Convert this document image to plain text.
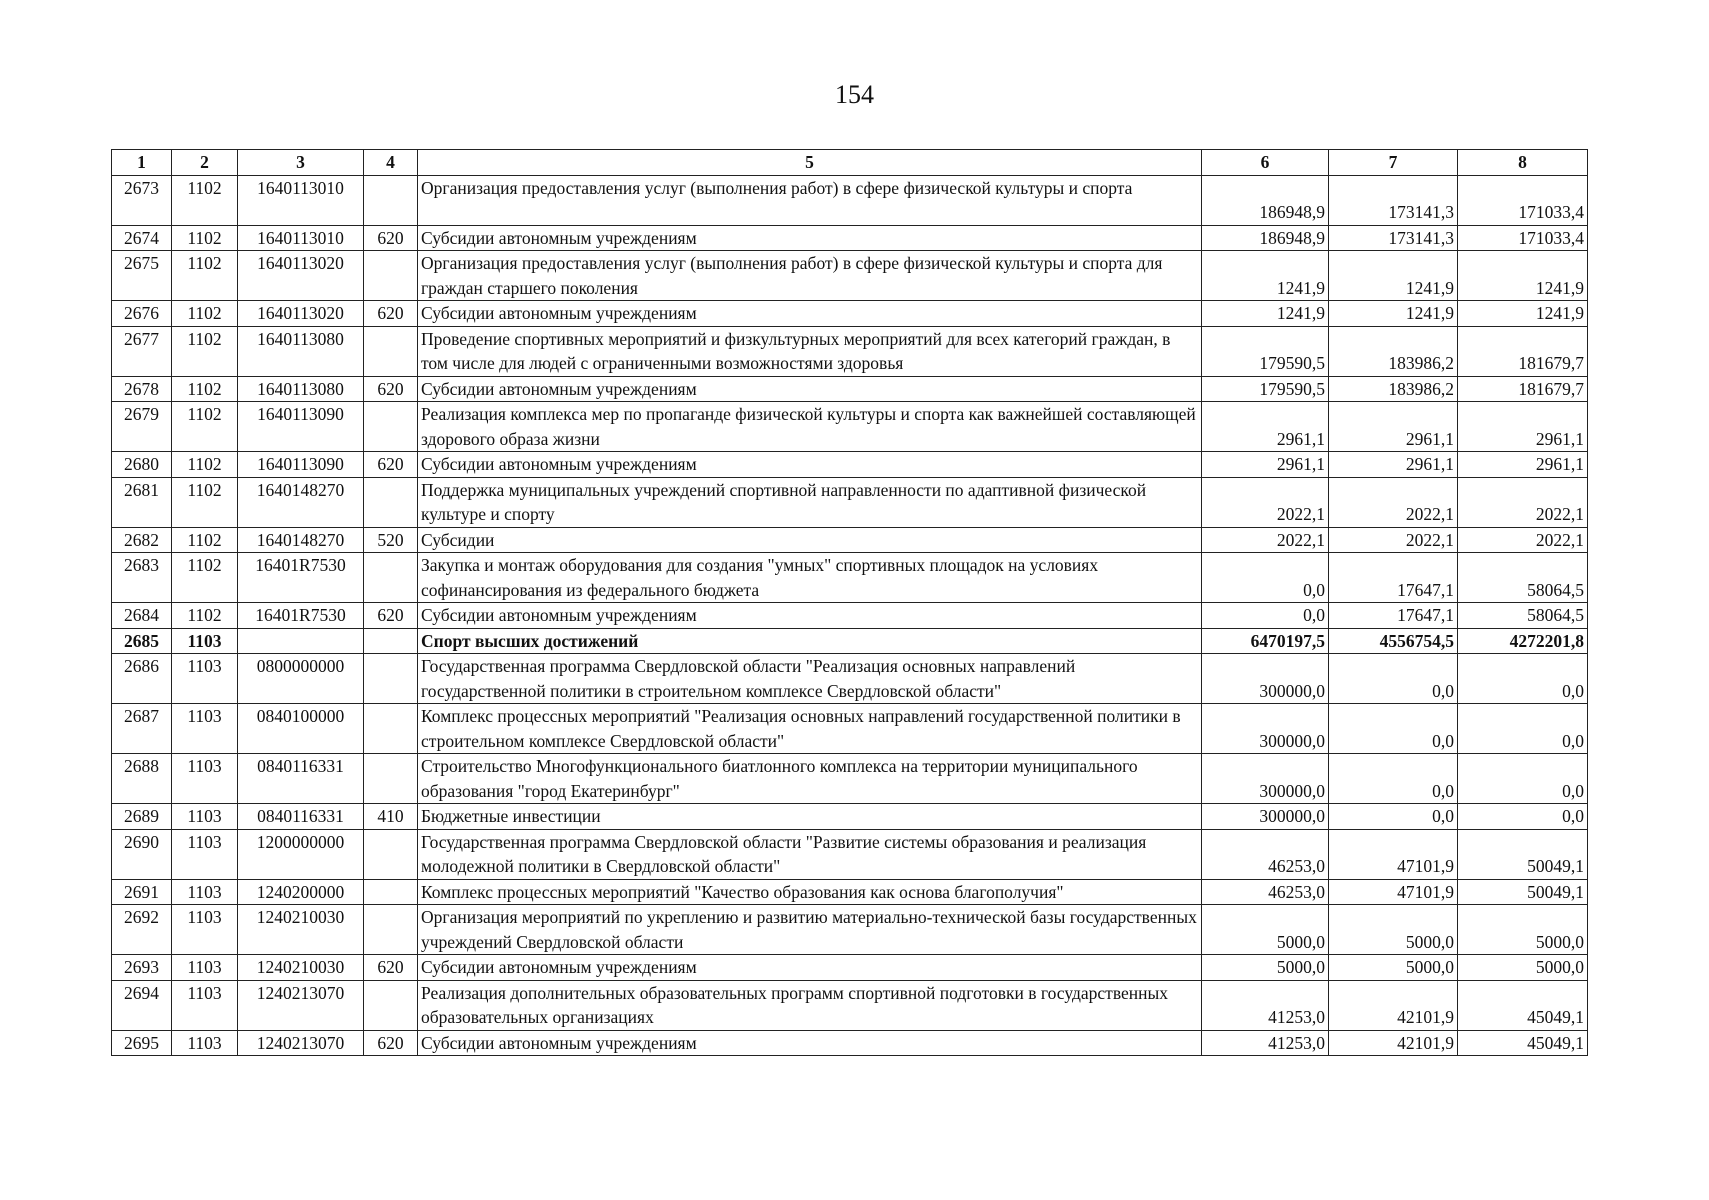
154
1	2	3	4	5	6	7	8
2673	1102	1640113010		Организация предоставления услуг (выполнения работ) в сфере физической культуры и спорта	186948,9	173141,3	171033,4
2674	1102	1640113010	620	Субсидии автономным учреждениям	186948,9	173141,3	171033,4
2675	1102	1640113020		Организация предоставления услуг (выполнения работ) в сфере физической культуры и спорта для граждан старшего поколения	1241,9	1241,9	1241,9
2676	1102	1640113020	620	Субсидии автономным учреждениям	1241,9	1241,9	1241,9
2677	1102	1640113080		Проведение спортивных мероприятий и физкультурных мероприятий для всех категорий граждан, в том числе для людей с ограниченными возможностями здоровья	179590,5	183986,2	181679,7
2678	1102	1640113080	620	Субсидии автономным учреждениям	179590,5	183986,2	181679,7
2679	1102	1640113090		Реализация комплекса мер по пропаганде физической культуры и спорта как важнейшей составляющей здорового образа жизни	2961,1	2961,1	2961,1
2680	1102	1640113090	620	Субсидии автономным учреждениям	2961,1	2961,1	2961,1
2681	1102	1640148270		Поддержка муниципальных учреждений спортивной направленности по адаптивной физической культуре и спорту	2022,1	2022,1	2022,1
2682	1102	1640148270	520	Субсидии	2022,1	2022,1	2022,1
2683	1102	16401R7530		Закупка и монтаж оборудования для создания "умных" спортивных площадок на условиях софинансирования из федерального бюджета	0,0	17647,1	58064,5
2684	1102	16401R7530	620	Субсидии автономным учреждениям	0,0	17647,1	58064,5
2685	1103			Спорт высших достижений	6470197,5	4556754,5	4272201,8
2686	1103	0800000000		Государственная программа Свердловской области "Реализация основных направлений государственной политики в строительном комплексе Свердловской области"	300000,0	0,0	0,0
2687	1103	0840100000		Комплекс процессных мероприятий "Реализация основных направлений государственной политики в строительном комплексе Свердловской области"	300000,0	0,0	0,0
2688	1103	0840116331		Строительство Многофункционального биатлонного комплекса на территории муниципального образования "город Екатеринбург"	300000,0	0,0	0,0
2689	1103	0840116331	410	Бюджетные инвестиции	300000,0	0,0	0,0
2690	1103	1200000000		Государственная программа Свердловской области "Развитие системы образования и реализация молодежной политики в Свердловской области"	46253,0	47101,9	50049,1
2691	1103	1240200000		Комплекс процессных мероприятий "Качество образования как основа благополучия"	46253,0	47101,9	50049,1
2692	1103	1240210030		Организация мероприятий по укреплению и развитию материально-технической базы государственных учреждений Свердловской области	5000,0	5000,0	5000,0
2693	1103	1240210030	620	Субсидии автономным учреждениям	5000,0	5000,0	5000,0
2694	1103	1240213070		Реализация дополнительных образовательных программ спортивной подготовки в государственных образовательных организациях	41253,0	42101,9	45049,1
2695	1103	1240213070	620	Субсидии автономным учреждениям	41253,0	42101,9	45049,1
